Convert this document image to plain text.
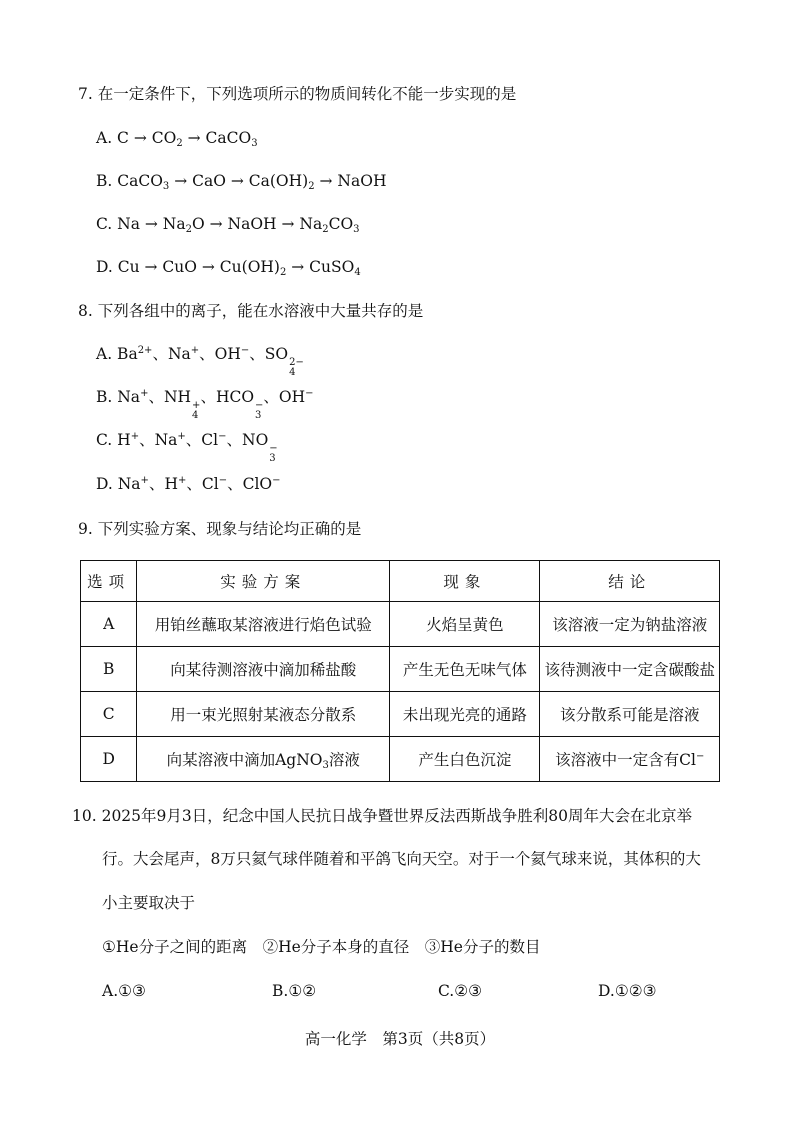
7. 在一定条件下，下列选项所示的物质间转化不能一步实现的是
A. $C \to CO_2$ → CaCO$_3$
B. CaCO$_3$ → CaO → $Ca(OH)_2$ → NaOH
C. $Na \to Na_2O$ → NaOH → $Na_2CO_3$
D. Cu → CuO → $Cu(OH)_2$ → CuSO$_4$
8. 下列各组中的离子，能在水溶液中大量共存的是
A. $Ba^{2+}$、Na+、OH−、SO 2−
4
B. Na+、NH +
4
、HCO −
3
、OH−
C. H+、Na+、Cl−、NO −
3
D. Na+、H+、Cl−、ClO−
9. 下列实验方案、现象与结论均正确的是
选项	实验方案	现象	结论
A	用铂丝蘸取某溶液进行焰色试验	火焰呈黄色	该溶液一定为钠盐溶液
B	向某待测溶液中滴加稀盐酸	产生无色无味气体	该待测液中一定含碳酸盐
C	用一束光照射某液态分散系	未出现光亮的通路	该分散系可能是溶液
D	向某溶液中滴加AgNO$_3$溶液	产生白色沉淀	该溶液中一定含有Cl−
10. 2025年9月3日，纪念中国人民抗日战争暨世界反法西斯战争胜利80周年大会在北京举
行。大会尾声，8万只氦气球伴随着和平鸽飞向天空。对于一个氦气球来说，其体积的大
小主要取决于
①He分子之间的距离　②He分子本身的直径　③He分子的数目
A.①③	B.①②	C.②③	D.①②③
高一化学　第3页（共8页）
